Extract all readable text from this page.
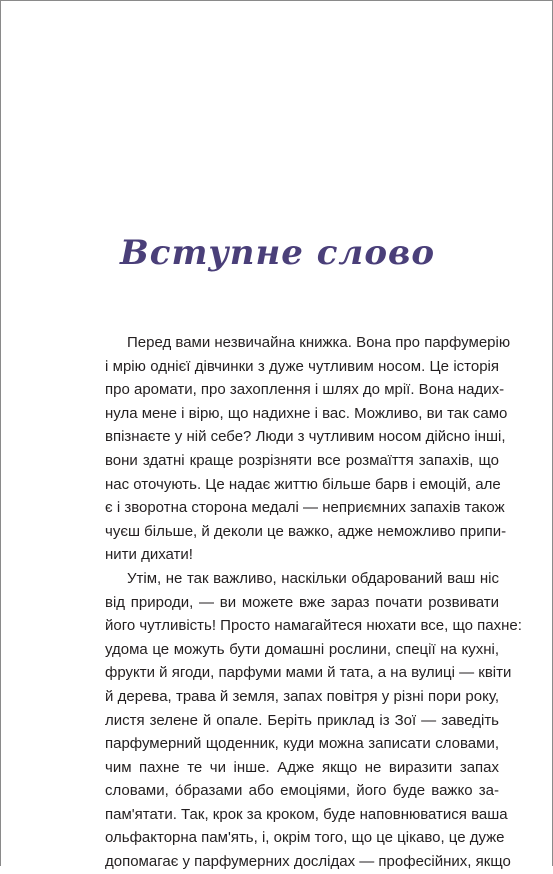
Вступне слово
Перед вами незвичайна книжка. Вона про парфумерію
і мрію однієї дівчинки з дуже чутливим носом. Це історія
про аромати, про захоплення і шлях до мрії. Вона надих-
нула мене і вірю, що надихне і вас. Можливо, ви так само
впізнаєте у ній себе? Люди з чутливим носом дійсно інші,
вони здатні краще розрізняти все розмаїття запахів, що
нас оточують. Це надає життю більше барв і емоцій, але
є і зворотна сторона медалі — неприємних запахів також
чуєш більше, й деколи це важко, адже неможливо припи-
нити дихати!
Утім, не так важливо, наскільки обдарований ваш ніс
від природи, — ви можете вже зараз почати розвивати
його чутливість! Просто намагайтеся нюхати все, що пахне:
удома це можуть бути домашні рослини, спеції на кухні,
фрукти й ягоди, парфуми мами й тата, а на вулиці — квіти
й дерева, трава й земля, запах повітря у різні пори року,
листя зелене й опале. Беріть приклад із Зої — заведіть
парфумерний щоденник, куди можна записати словами,
чим пахне те чи інше. Адже якщо не виразити запах
словами, о́бразами або емоціями, його буде важко за-
пам'ятати. Так, крок за кроком, буде наповнюватися ваша
ольфакторна пам'ять, і, окрім того, що це цікаво, це дуже
допомагає у парфумерних дослідах — професійних, якщо
